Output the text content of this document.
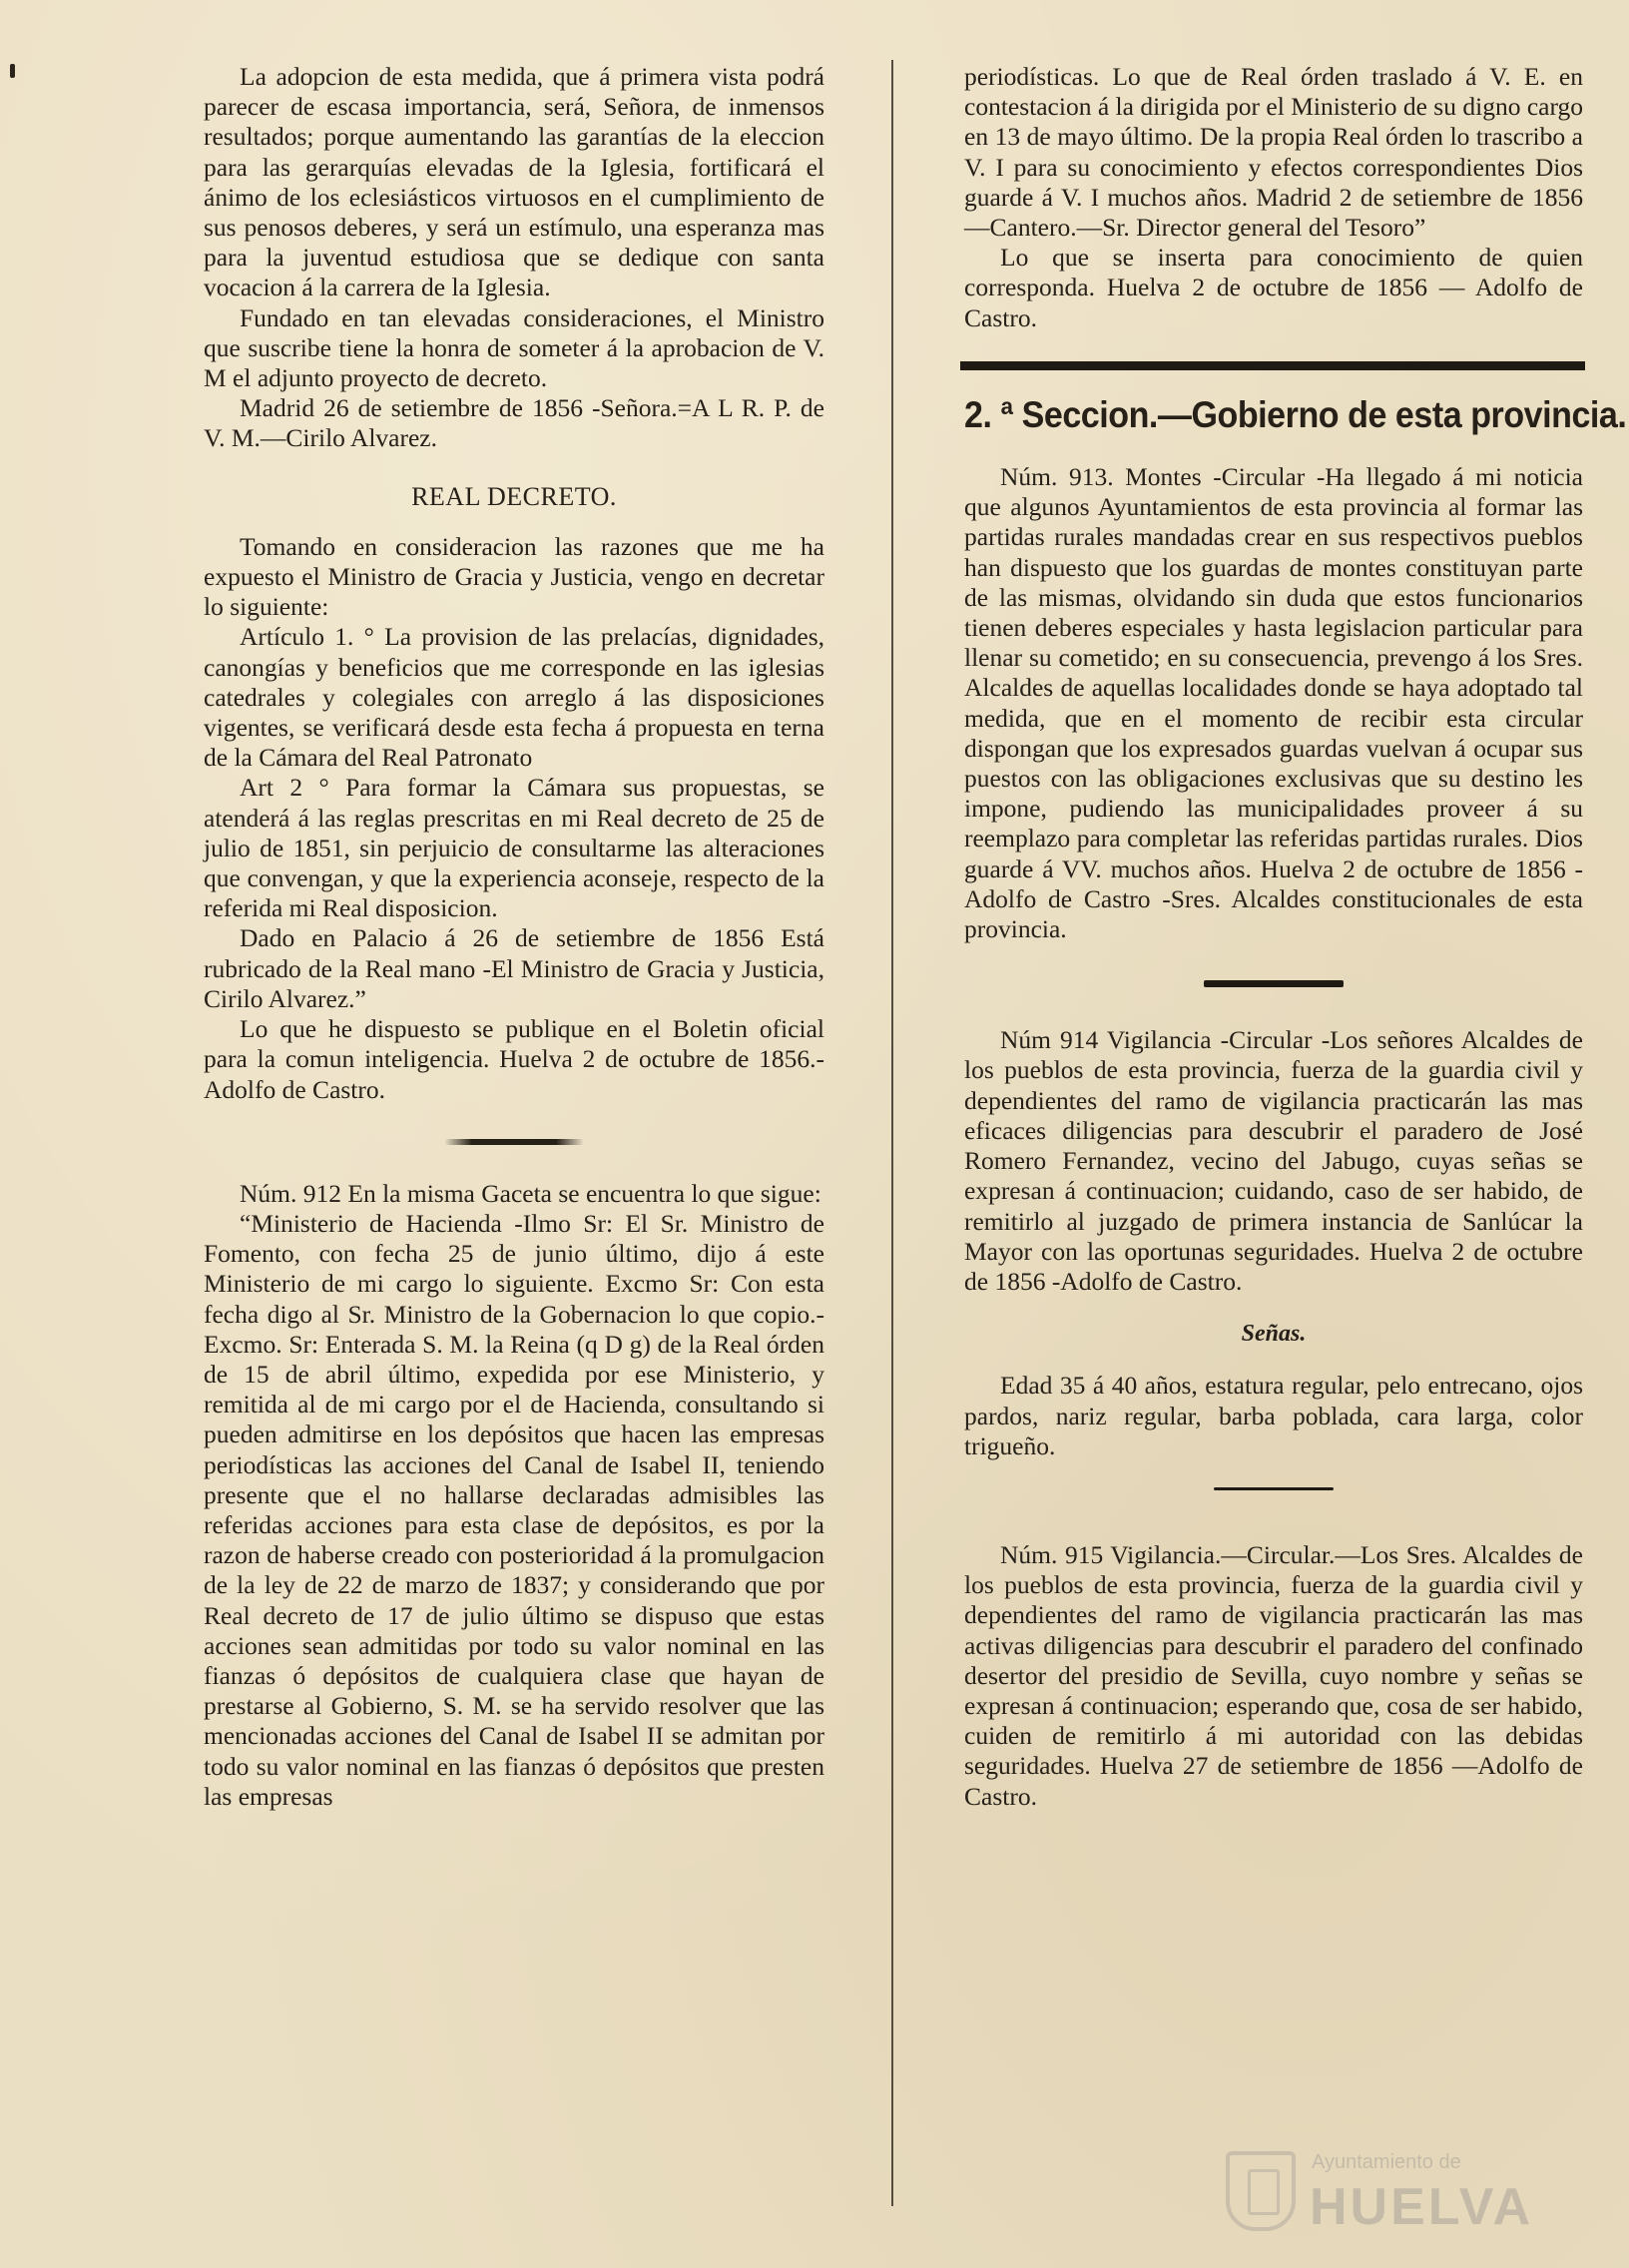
La adopcion de esta medida, que á primera vista podrá parecer de escasa importancia, será, Señora, de inmensos resultados; porque aumentando las garantías de la eleccion para las gerarquías elevadas de la Iglesia, fortificará el ánimo de los eclesiásticos virtuosos en el cumplimiento de sus penosos deberes, y será un estímulo, una esperanza mas para la juventud estudiosa que se dedique con santa vocacion á la carrera de la Iglesia.

Fundado en tan elevadas consideraciones, el Ministro que suscribe tiene la honra de someter á la aprobacion de V. M el adjunto proyecto de decreto.

Madrid 26 de setiembre de 1856 -Señora.=A L R. P. de V. M.—Cirilo Alvarez.

REAL DECRETO.

Tomando en consideracion las razones que me ha expuesto el Ministro de Gracia y Justicia, vengo en decretar lo siguiente:

Artículo 1. ° La provision de las prelacías, dignidades, canongías y beneficios que me corresponde en las iglesias catedrales y colegiales con arreglo á las disposiciones vigentes, se verificará desde esta fecha á propuesta en terna de la Cámara del Real Patronato

Art 2 ° Para formar la Cámara sus propuestas, se atenderá á las reglas prescritas en mi Real decreto de 25 de julio de 1851, sin perjuicio de consultarme las alteraciones que convengan, y que la experiencia aconseje, respecto de la referida mi Real disposicion.

Dado en Palacio á 26 de setiembre de 1856 Está rubricado de la Real mano -El Ministro de Gracia y Justicia, Cirilo Alvarez.”

Lo que he dispuesto se publique en el Boletin oficial para la comun inteligencia. Huelva 2 de octubre de 1856.-Adolfo de Castro.

Núm. 912 En la misma Gaceta se encuentra lo que sigue:

“Ministerio de Hacienda -Ilmo Sr: El Sr. Ministro de Fomento, con fecha 25 de junio último, dijo á este Ministerio de mi cargo lo siguiente. Excmo Sr: Con esta fecha digo al Sr. Ministro de la Gobernacion lo que copio.-Excmo. Sr: Enterada S. M. la Reina (q D g) de la Real órden de 15 de abril último, expedida por ese Ministerio, y remitida al de mi cargo por el de Hacienda, consultando si pueden admitirse en los depósitos que hacen las empresas periodísticas las acciones del Canal de Isabel II, teniendo presente que el no hallarse declaradas admisibles las referidas acciones para esta clase de depósitos, es por la razon de haberse creado con posterioridad á la promulgacion de la ley de 22 de marzo de 1837; y considerando que por Real decreto de 17 de julio último se dispuso que estas acciones sean admitidas por todo su valor nominal en las fianzas ó depósitos de cualquiera clase que hayan de prestarse al Gobierno, S. M. se ha servido resolver que las mencionadas acciones del Canal de Isabel II se admitan por todo su valor nominal en las fianzas ó depósitos que presten las empresas

periodísticas. Lo que de Real órden traslado á V. E. en contestacion á la dirigida por el Ministerio de su digno cargo en 13 de mayo último. De la propia Real órden lo trascribo a V. I para su conocimiento y efectos correspondientes Dios guarde á V. I muchos años. Madrid 2 de setiembre de 1856—Cantero.—Sr. Director general del Tesoro”

Lo que se inserta para conocimiento de quien corresponda. Huelva 2 de octubre de 1856 — Adolfo de Castro.

2. ª Seccion.—Gobierno de esta provincia.

Núm. 913. Montes -Circular -Ha llegado á mi noticia que algunos Ayuntamientos de esta provincia al formar las partidas rurales mandadas crear en sus respectivos pueblos han dispuesto que los guardas de montes constituyan parte de las mismas, olvidando sin duda que estos funcionarios tienen deberes especiales y hasta legislacion particular para llenar su cometido; en su consecuencia, prevengo á los Sres. Alcaldes de aquellas localidades donde se haya adoptado tal medida, que en el momento de recibir esta circular dispongan que los expresados guardas vuelvan á ocupar sus puestos con las obligaciones exclusivas que su destino les impone, pudiendo las municipalidades proveer á su reemplazo para completar las referidas partidas rurales. Dios guarde á VV. muchos años. Huelva 2 de octubre de 1856 -Adolfo de Castro -Sres. Alcaldes constitucionales de esta provincia.

Núm 914 Vigilancia -Circular -Los señores Alcaldes de los pueblos de esta provincia, fuerza de la guardia civil y dependientes del ramo de vigilancia practicarán las mas eficaces diligencias para descubrir el paradero de José Romero Fernandez, vecino del Jabugo, cuyas señas se expresan á continuacion; cuidando, caso de ser habido, de remitirlo al juzgado de primera instancia de Sanlúcar la Mayor con las oportunas seguridades. Huelva 2 de octubre de 1856 -Adolfo de Castro.

Señas.

Edad 35 á 40 años, estatura regular, pelo entrecano, ojos pardos, nariz regular, barba poblada, cara larga, color trigueño.

Núm. 915 Vigilancia.—Circular.—Los Sres. Alcaldes de los pueblos de esta provincia, fuerza de la guardia civil y dependientes del ramo de vigilancia practicarán las mas activas diligencias para descubrir el paradero del confinado desertor del presidio de Sevilla, cuyo nombre y señas se expresan á continuacion; esperando que, cosa de ser habido, cuiden de remitirlo á mi autoridad con las debidas seguridades. Huelva 27 de setiembre de 1856 —Adolfo de Castro.

Ayuntamiento de
HUELVA
